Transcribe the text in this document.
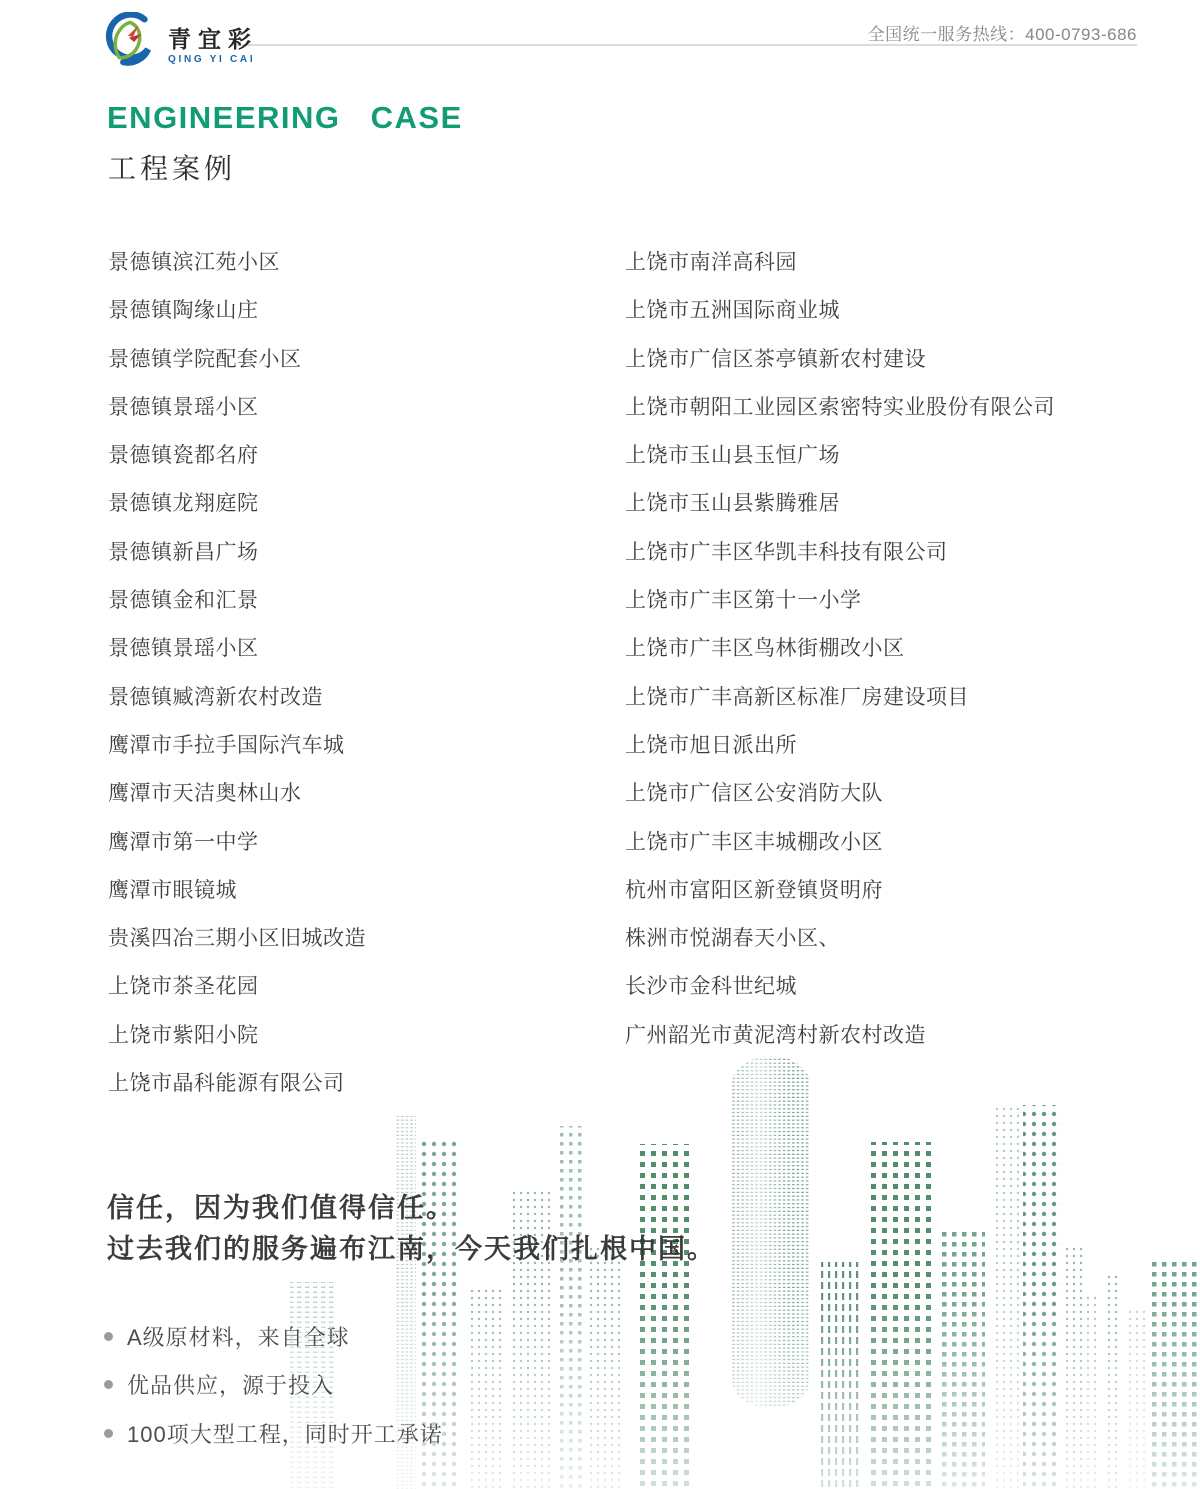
青宜彩
QING YI CAI
全国统一服务热线：400-0793-686
ENGINEERING CASE
工程案例
景德镇滨江苑小区
景德镇陶缘山庄
景德镇学院配套小区
景德镇景瑶小区
景德镇瓷都名府
景德镇龙翔庭院
景德镇新昌广场
景德镇金和汇景
景德镇景瑶小区
景德镇臧湾新农村改造
鹰潭市手拉手国际汽车城
鹰潭市天洁奥林山水
鹰潭市第一中学
鹰潭市眼镜城
贵溪四冶三期小区旧城改造
上饶市茶圣花园
上饶市紫阳小院
上饶市晶科能源有限公司
上饶市南洋高科园
上饶市五洲国际商业城
上饶市广信区茶亭镇新农村建设
上饶市朝阳工业园区索密特实业股份有限公司
上饶市玉山县玉恒广场
上饶市玉山县紫腾雅居
上饶市广丰区华凯丰科技有限公司
上饶市广丰区第十一小学
上饶市广丰区鸟林街棚改小区
上饶市广丰高新区标准厂房建设项目
上饶市旭日派出所
上饶市广信区公安消防大队
上饶市广丰区丰城棚改小区
杭州市富阳区新登镇贤明府
株洲市悦湖春天小区、
长沙市金科世纪城
广州韶光市黄泥湾村新农村改造
信任，因为我们值得信任。
过去我们的服务遍布江南，今天我们扎根中国。
A级原材料，来自全球
优品供应，源于投入
100项大型工程，同时开工承诺
